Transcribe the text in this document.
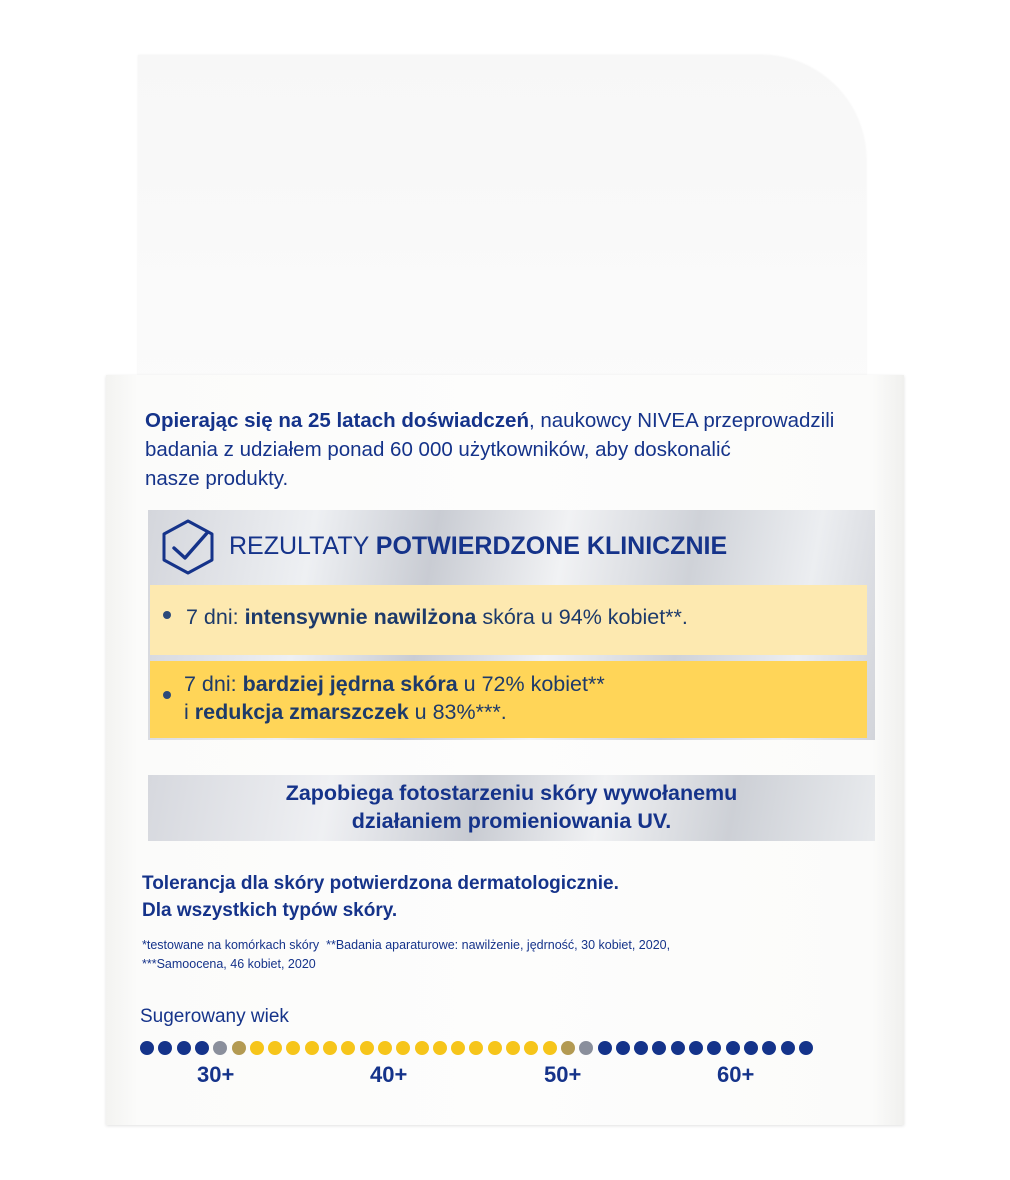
Opierając się na 25 latach doświadczeń, naukowcy NIVEA przeprowadzili
badania z udziałem ponad 60 000 użytkowników, aby doskonalić
nasze produkty.
REZULTATY POTWIERDZONE KLINICZNIE
7 dni: intensywnie nawilżona skóra u 94% kobiet**.
7 dni: bardziej jędrna skóra u 72% kobiet**
i redukcja zmarszczek u 83%***.
Zapobiega fotostarzeniu skóry wywołanemu
działaniem promieniowania UV.
Tolerancja dla skóry potwierdzona dermatologicznie.
Dla wszystkich typów skóry.
*testowane na komórkach skóry  **Badania aparaturowe: nawilżenie, jędrność, 30 kobiet, 2020,
***Samoocena, 46 kobiet, 2020
Sugerowany wiek
30+	40+	50+	60+
